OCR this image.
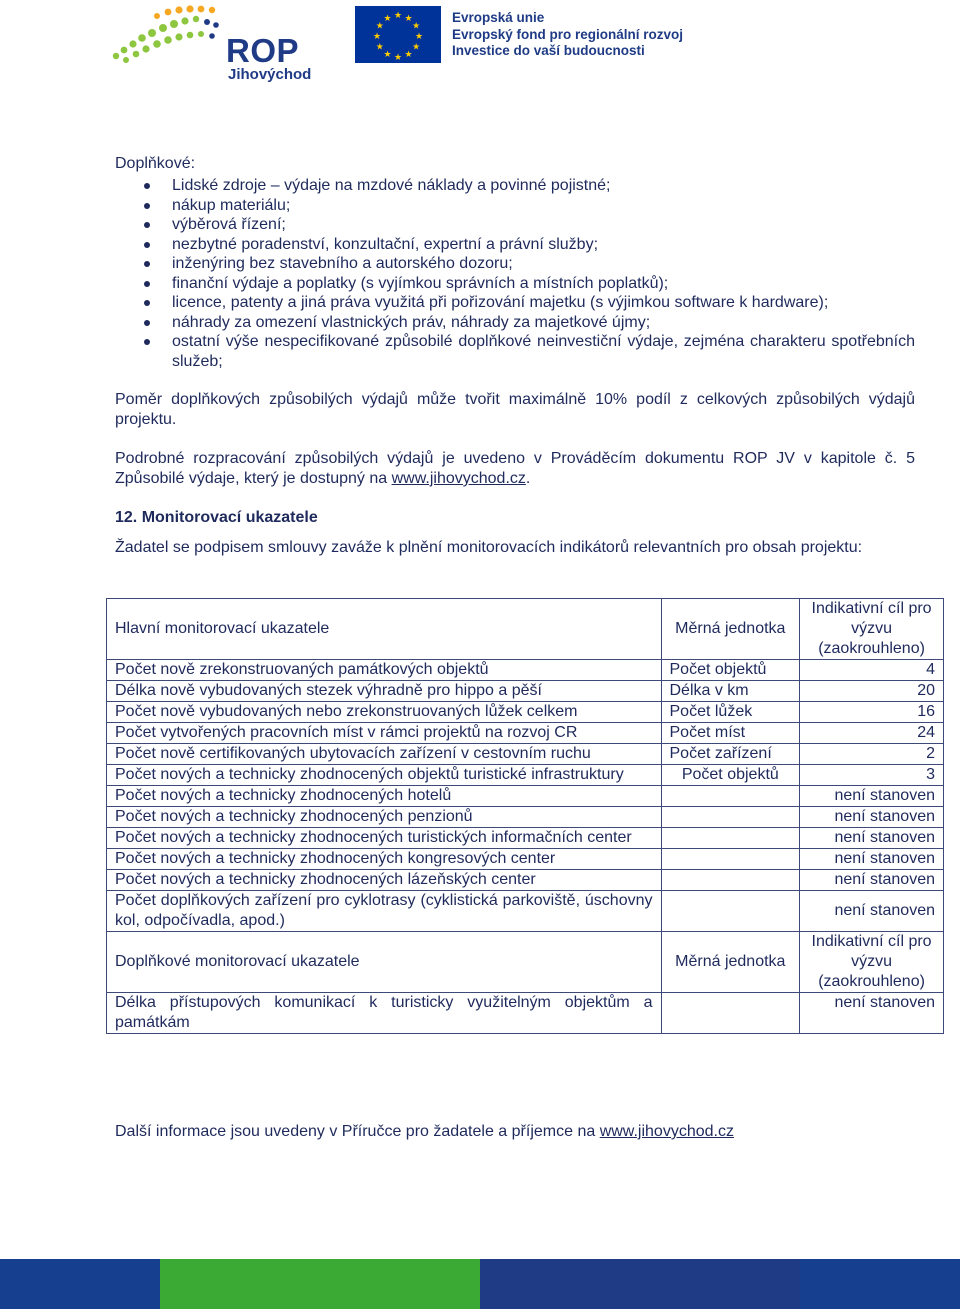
ROP
Jihovýchod
★ ★
★
★
★
★
★
★
★
★
★
★	Evropská unie
Evropský fond pro regionální rozvoj
Investice do vaší budoucnosti
Doplňkové:
Lidské zdroje – výdaje na mzdové náklady a povinné pojistné;
nákup materiálu;
výběrová řízení;
nezbytné poradenství, konzultační, expertní a právní služby;
inženýring bez stavebního a autorského dozoru;
finanční výdaje a poplatky (s vyjímkou správních a místních poplatků);
licence, patenty a jiná práva využitá při pořizování majetku (s výjimkou software k hardware);
náhrady za omezení vlastnických práv, náhrady za majetkové újmy;
ostatní výše nespecifikované způsobilé doplňkové neinvestiční výdaje, zejména charakteru spotřebních služeb;

Poměr doplňkových způsobilých výdajů může tvořit maximálně 10% podíl z celkových způsobilých výdajů projektu.

Podrobné rozpracování způsobilých výdajů je uvedeno v Prováděcím dokumentu ROP JV v kapitole č. 5 Způsobilé výdaje, který je dostupný na www.jihovychod.cz.

12. Monitorovací ukazatele

Žadatel se podpisem smlouvy zaváže k plnění monitorovacích indikátorů relevantních pro obsah projektu:

Hlavní monitorovací ukazatele	Měrná jednotka	Indikativní cíl pro výzvu (zaokrouhleno)
Počet nově zrekonstruovaných památkových objektů	Počet objektů	4
Délka nově vybudovaných stezek výhradně pro hippo a pěší	Délka v km	20
Počet nově vybudovaných nebo zrekonstruovaných lůžek celkem	Počet lůžek	16
Počet vytvořených pracovních míst v rámci projektů na rozvoj CR	Počet míst	24
Počet nově certifikovaných ubytovacích zařízení v cestovním ruchu	Počet zařízení	2
Počet nových a technicky zhodnocených objektů turistické infrastruktury	Počet objektů	3
Počet nových a technicky zhodnocených hotelů		není stanoven
Počet nových a technicky zhodnocených penzionů		není stanoven
Počet nových a technicky zhodnocených turistických informačních center		není stanoven
Počet nových a technicky zhodnocených kongresových center		není stanoven
Počet nových a technicky zhodnocených lázeňských center		není stanoven
Počet doplňkových zařízení pro cyklotrasy (cyklistická parkoviště, úschovny kol, odpočívadla, apod.)		není stanoven
Doplňkové monitorovací ukazatele	Měrná jednotka	Indikativní cíl pro výzvu (zaokrouhleno)
Délka přístupových komunikací k turisticky využitelným objektům a památkám		není stanoven
Další informace jsou uvedeny v Příručce pro žadatele a příjemce na www.jihovychod.cz
